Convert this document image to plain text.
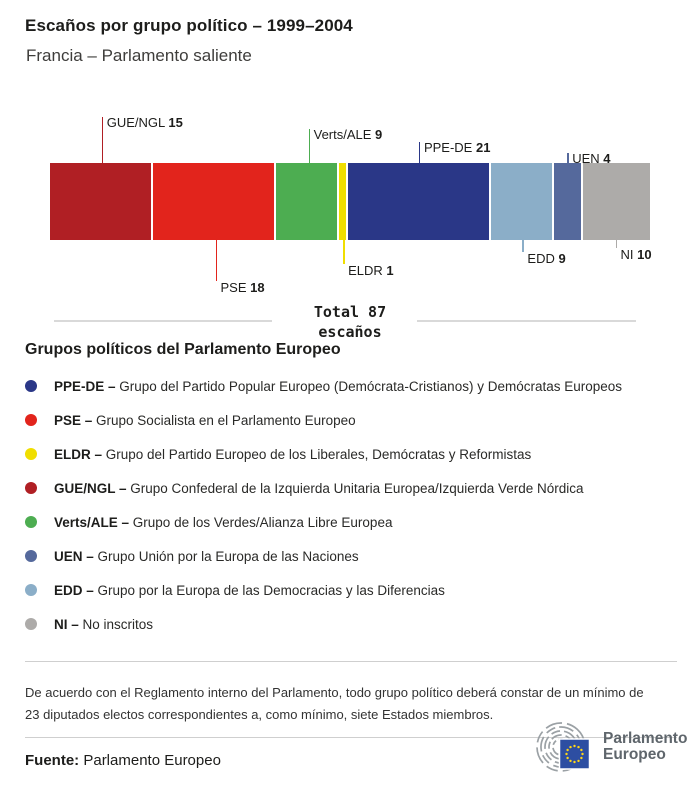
Escaños por grupo político – 1999–2004
Francia – Parlamento saliente
GUE/NGL 15
PSE 18
Verts/ALE 9
ELDR 1
PPE-DE 21
EDD 9
UEN 4
NI 10
Total 87
escaños
Grupos políticos del Parlamento Europeo
PPE-DE – Grupo del Partido Popular Europeo (Demócrata-Cristianos) y Demócratas Europeos
PSE – Grupo Socialista en el Parlamento Europeo
ELDR – Grupo del Partido Europeo de los Liberales, Demócratas y Reformistas
GUE/NGL – Grupo Confederal de la Izquierda Unitaria Europea/Izquierda Verde Nórdica
Verts/ALE – Grupo de los Verdes/Alianza Libre Europea
UEN – Grupo Unión por la Europa de las Naciones
EDD – Grupo por la Europa de las Democracias y las Diferencias
NI – No inscritos
De acuerdo con el Reglamento interno del Parlamento, todo grupo político deberá constar de un mínimo de 23 diputados electos correspondientes a, como mínimo, siete Estados miembros.
Fuente: Parlamento Europeo
Parlamento
Europeo
